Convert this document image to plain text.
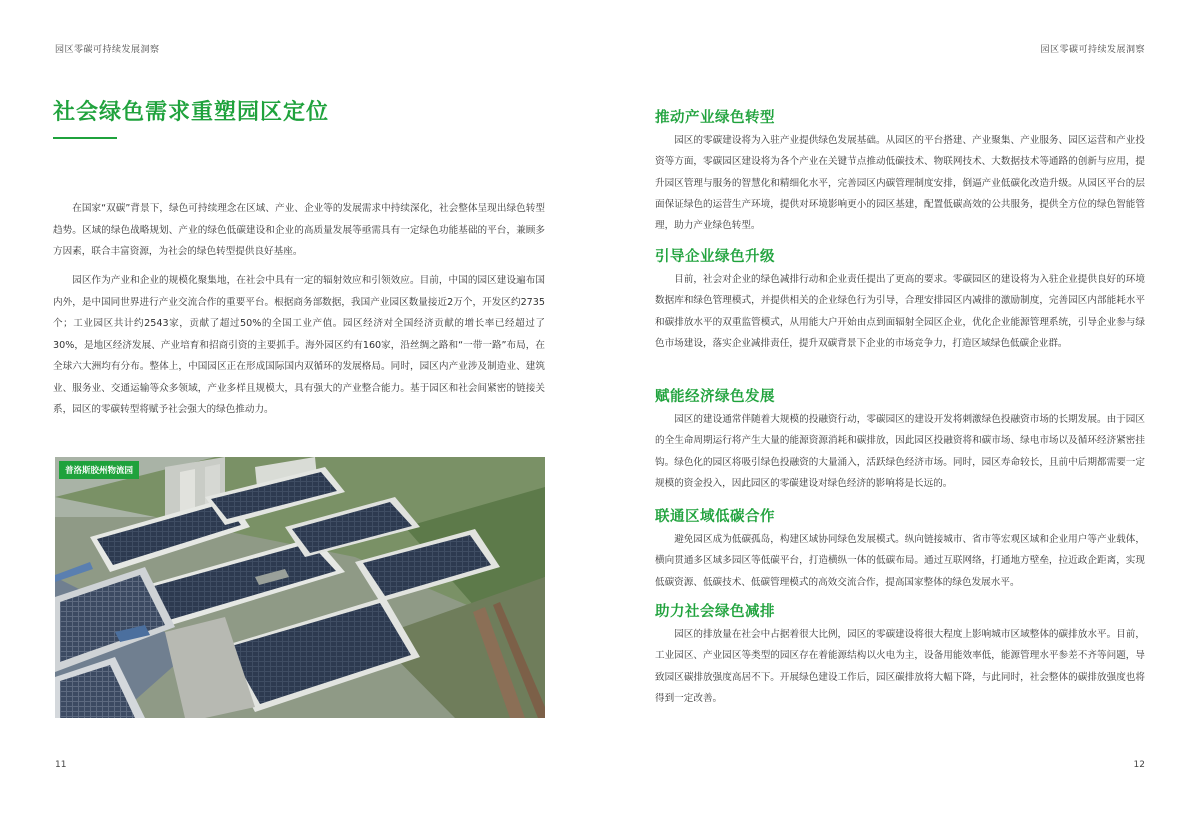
园区零碳可持续发展洞察	园区零碳可持续发展洞察
社会绿色需求重塑园区定位

在国家“双碳”背景下，绿色可持续理念在区域、产业、企业等的发展需求中持续深化，社会整体呈现出绿色转型趋势。区域的绿色战略规划、产业的绿色低碳建设和企业的高质量发展等亟需具有一定绿色功能基础的平台，兼顾多方因素，联合丰富资源，为社会的绿色转型提供良好基座。

园区作为产业和企业的规模化聚集地，在社会中具有一定的辐射效应和引领效应。目前，中国的园区建设遍布国内外，是中国同世界进行产业交流合作的重要平台。根据商务部数据，我国产业园区数量接近2万个，开发区约2735个；工业园区共计约2543家，贡献了超过50%的全国工业产值。园区经济对全国经济贡献的增长率已经超过了30%，是地区经济发展、产业培育和招商引资的主要抓手。海外园区约有160家，沿丝绸之路和“一带一路”布局，在全球六大洲均有分布。整体上，中国园区正在形成国际国内双循环的发展格局。同时，园区内产业涉及制造业、建筑业、服务业、交通运输等众多领域，产业多样且规模大，具有强大的产业整合能力。基于园区和社会间紧密的链接关系，园区的零碳转型将赋予社会强大的绿色推动力。

普洛斯胶州物流园
推动产业绿色转型

园区的零碳建设将为入驻产业提供绿色发展基础。从园区的平台搭建、产业聚集、产业服务、园区运营和产业投资等方面，零碳园区建设将为各个产业在关键节点推动低碳技术、物联网技术、大数据技术等通路的创新与应用，提升园区管理与服务的智慧化和精细化水平，完善园区内碳管理制度安排，倒逼产业低碳化改造升级。从园区平台的层面保证绿色的运营生产环境，提供对环境影响更小的园区基建，配置低碳高效的公共服务，提供全方位的绿色智能管理，助力产业绿色转型。

引导企业绿色升级

目前，社会对企业的绿色减排行动和企业责任提出了更高的要求。零碳园区的建设将为入驻企业提供良好的环境数据库和绿色管理模式，并提供相关的企业绿色行为引导，合理安排园区内减排的激励制度，完善园区内部能耗水平和碳排放水平的双重监管模式，从用能大户开始由点到面辐射全园区企业，优化企业能源管理系统，引导企业参与绿色市场建设，落实企业减排责任，提升双碳背景下企业的市场竞争力，打造区域绿色低碳企业群。

赋能经济绿色发展

园区的建设通常伴随着大规模的投融资行动，零碳园区的建设开发将刺激绿色投融资市场的长期发展。由于园区的全生命周期运行将产生大量的能源资源消耗和碳排放，因此园区投融资将和碳市场、绿电市场以及循环经济紧密挂钩。绿色化的园区将吸引绿色投融资的大量涌入，活跃绿色经济市场。同时，园区寿命较长，且前中后期都需要一定规模的资金投入，因此园区的零碳建设对绿色经济的影响将是长远的。

联通区域低碳合作

避免园区成为低碳孤岛，构建区域协同绿色发展模式。纵向链接城市、省市等宏观区域和企业用户等产业载体，横向贯通多区域多园区等低碳平台，打造横纵一体的低碳布局。通过互联网络，打通地方壁垒，拉近政企距离，实现低碳资源、低碳技术、低碳管理模式的高效交流合作，提高国家整体的绿色发展水平。

助力社会绿色减排

园区的排放量在社会中占据着很大比例，园区的零碳建设将很大程度上影响城市区域整体的碳排放水平。目前，工业园区、产业园区等类型的园区存在着能源结构以火电为主，设备用能效率低，能源管理水平参差不齐等问题，导致园区碳排放强度高居不下。开展绿色建设工作后，园区碳排放将大幅下降，与此同时，社会整体的碳排放强度也将得到一定改善。

11	12
